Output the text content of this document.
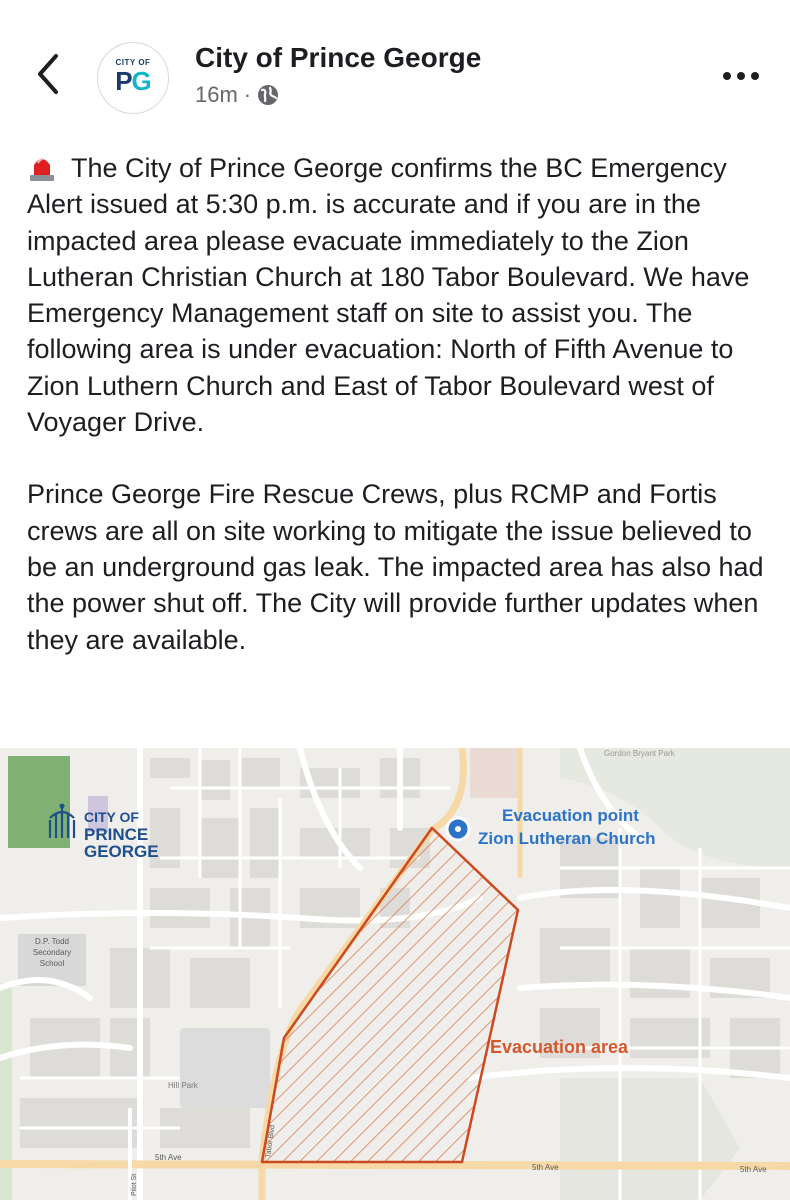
CITY OF
PG
City of Prince George
16m ·

The City of Prince George confirms the BC Emergency Alert issued at 5:30 p.m. is accurate and if you are in the impacted area please evacuate immediately to the Zion Lutheran Christian Church at 180 Tabor Boulevard. We have Emergency Management staff on site to assist you. The following area is under evacuation: North of Fifth Avenue to Zion Luthern Church and East of Tabor Boulevard west of Voyager Drive.

Prince George Fire Rescue Crews, plus RCMP and Fortis crews are all on site working to mitigate the issue believed to be an underground gas leak. The impacted area has also had the power shut off. The City will provide further updates when they are available.

CITY OF
PRINCE
GEORGE
Evacuation point
Zion Lutheran Church
Evacuation area
Gordon Bryant Park
D.P. Todd
Secondary
School
Hill Park
5th Ave
5th Ave	5th Ave
Pilot St
Tabor Blvd
